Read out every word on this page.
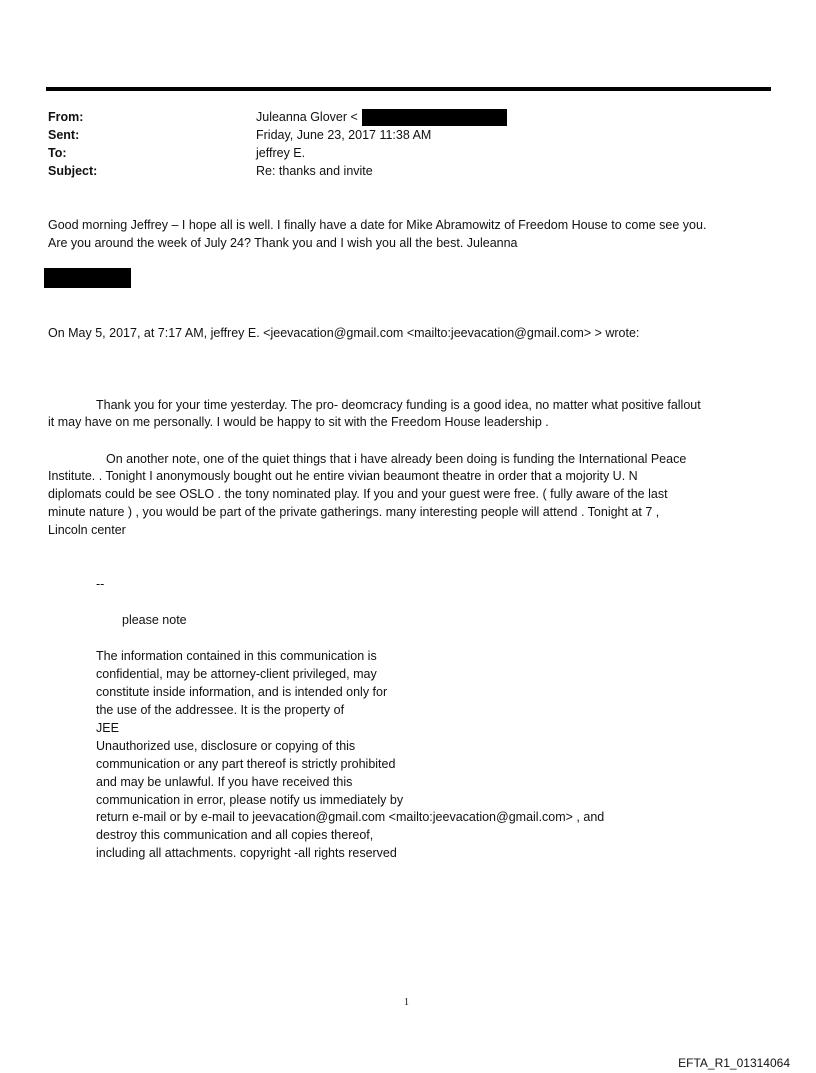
From:	Juleanna Glover <
Sent:	Friday, June 23, 2017 11:38 AM
To:	jeffrey E.
Subject:	Re: thanks and invite
Good morning Jeffrey – I hope all is well. I finally have a date for Mike Abramowitz of Freedom House to come see you.
Are you around the week of July 24? Thank you and I wish you all the best. Juleanna
On May 5, 2017, at 7:17 AM, jeffrey E. <jeevacation@gmail.com <mailto:jeevacation@gmail.com> > wrote:
Thank you for your time yesterday. The pro- deomcracy funding is a good idea, no matter what positive fallout
it may have on me personally. I would be happy to sit with the Freedom House leadership .
On another note, one of the quiet things that i have already been doing is funding the International Peace
Institute. . Tonight I anonymously bought out he entire vivian beaumont theatre in order that a mojority U. N
diplomats could be see OSLO . the tony nominated play. If you and your guest were free. ( fully aware of the last
minute nature ) , you would be part of the private gatherings. many interesting people will attend . Tonight at 7 ,
Lincoln center
--
please note
The information contained in this communication is
confidential, may be attorney-client privileged, may
constitute inside information, and is intended only for
the use of the addressee. It is the property of
JEE
Unauthorized use, disclosure or copying of this
communication or any part thereof is strictly prohibited
and may be unlawful. If you have received this
communication in error, please notify us immediately by
return e-mail or by e-mail to jeevacation@gmail.com <mailto:jeevacation@gmail.com> , and
destroy this communication and all copies thereof,
including all attachments. copyright -all rights reserved
1
EFTA_R1_01314064
